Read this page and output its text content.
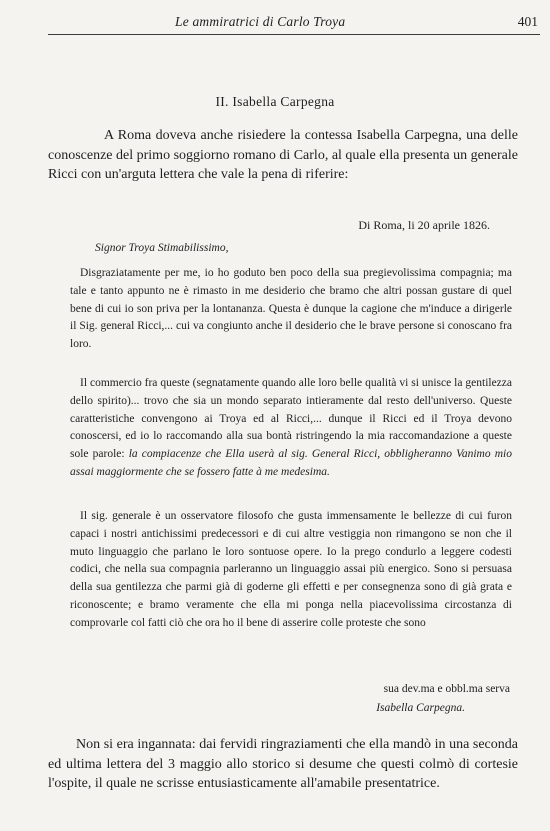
Le ammiratrici di Carlo Troya	401
II. Isabella Carpegna

A Roma doveva anche risiedere la contessa Isabella Carpegna, una delle conoscenze del primo soggiorno romano di Carlo, al quale ella presenta un generale Ricci con un'arguta lettera che vale la pena di riferire:

Di Roma, li 20 aprile 1826.
Signor Troya Stimabilissimo,

Disgraziatamente per me, io ho goduto ben poco della sua pregievolissima compagnia; ma tale e tanto appunto ne è rimasto in me desiderio che bramo che altri possan gustare di quel bene di cui io son priva per la lontananza. Questa è dunque la cagione che m'induce a dirigerle il Sig. general Ricci,... cui va congiunto anche il desiderio che le brave persone si conoscano fra loro.

Il commercio fra queste (segnatamente quando alle loro belle qualità vi si unisce la gentilezza dello spirito)... trovo che sia un mondo separato intieramente dal resto dell'universo. Queste caratteristiche convengono ai Troya ed al Ricci,... dunque il Ricci ed il Troya devono conoscersi, ed io lo raccomando alla sua bontà ristringendo la mia raccomandazione a queste sole parole: la compiacenze che Ella userà al sig. General Ricci, obbligheranno Vanimo mio assai maggiormente che se fossero fatte à me medesima.

Il sig. generale è un osservatore filosofo che gusta immensamente le bellezze di cui furon capaci i nostri antichissimi predecessori e di cui altre vestiggia non rimangono se non che il muto linguaggio che parlano le loro sontuose opere. Io la prego condurlo a leggere codesti codici, che nella sua compagnia parleranno un linguaggio assai più energico. Sono si persuasa della sua gentilezza che parmi già di goderne gli effetti e per consegnenza sono di già grata e riconoscente; e bramo veramente che ella mi ponga nella piacevolissima circostanza di comprovarle col fatti ciò che ora ho il bene di asserire colle proteste che sono

sua dev.ma e obbl.ma serva
Isabella Carpegna.

Non si era ingannata: dai fervidi ringraziamenti che ella mandò in una seconda ed ultima lettera del 3 maggio allo storico si desume che questi colmò di cortesie l'ospite, il quale ne scrisse entusiasticamente all'amabile presentatrice.
